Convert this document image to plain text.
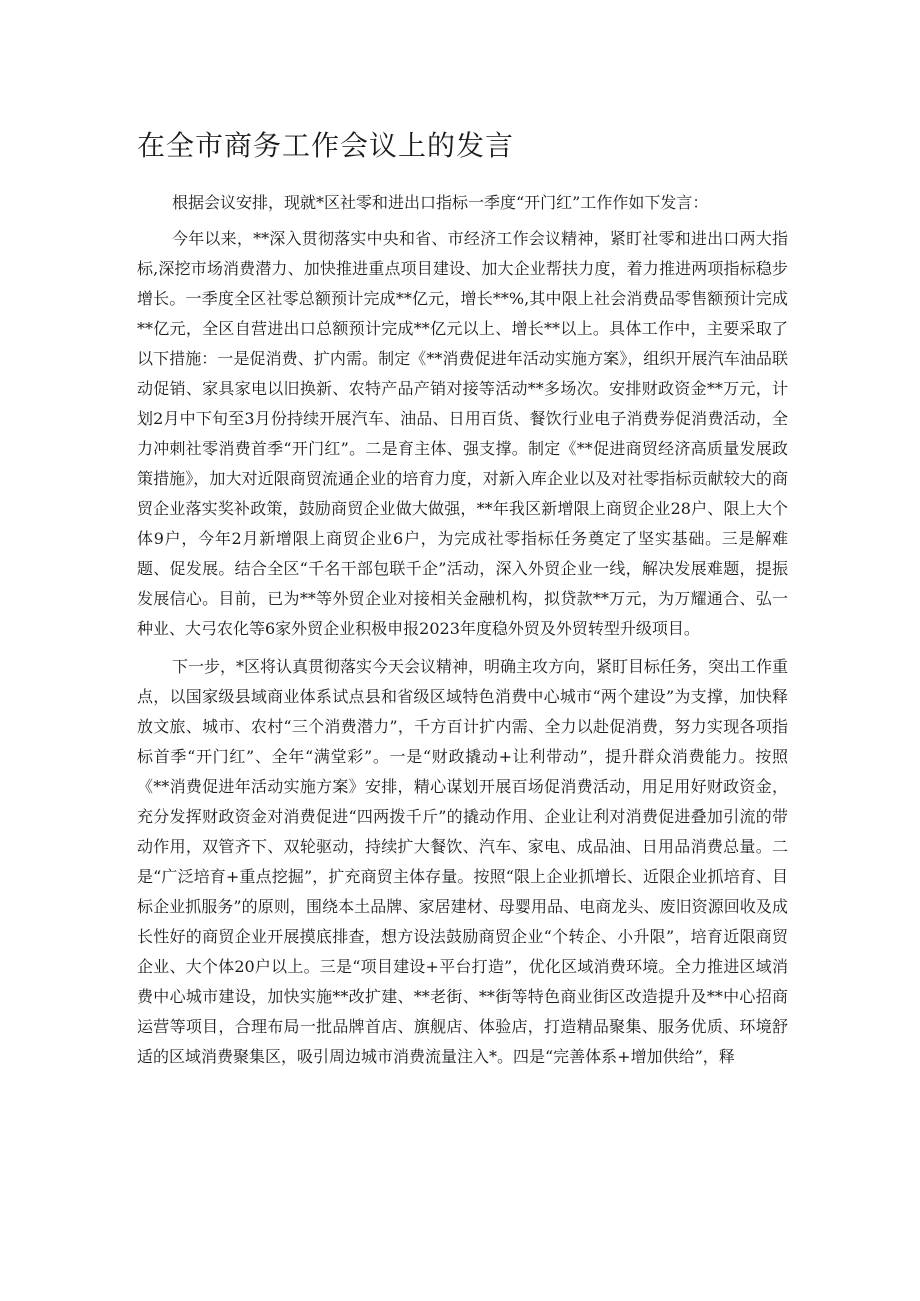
在全市商务工作会议上的发言

根据会议安排，现就*区社零和进出口指标一季度“开门红”工作作如下发言：

今年以来，**深入贯彻落实中央和省、市经济工作会议精神，紧盯社零和进出口两大指标,深挖市场消费潜力、加快推进重点项目建设、加大企业帮扶力度，着力推进两项指标稳步增长。一季度全区社零总额预计完成**亿元，增长**%,其中限上社会消费品零售额预计完成**亿元，全区自营进出口总额预计完成**亿元以上、增长**以上。具体工作中，主要采取了以下措施：一是促消费、扩内需。制定《**消费促进年活动实施方案》，组织开展汽车油品联动促销、家具家电以旧换新、农特产品产销对接等活动**多场次。安排财政资金**万元，计划2月中下旬至3月份持续开展汽车、油品、日用百货、餐饮行业电子消费券促消费活动，全力冲刺社零消费首季“开门红”。二是育主体、强支撑。制定《**促进商贸经济高质量发展政策措施》，加大对近限商贸流通企业的培育力度，对新入库企业以及对社零指标贡献较大的商贸企业落实奖补政策，鼓励商贸企业做大做强，**年我区新增限上商贸企业28户、限上大个体9户，今年2月新增限上商贸企业6户，为完成社零指标任务奠定了坚实基础。三是解难题、促发展。结合全区“千名干部包联千企”活动，深入外贸企业一线，解决发展难题，提振发展信心。目前，已为**等外贸企业对接相关金融机构，拟贷款**万元，为万耀通合、弘一种业、大弓农化等6家外贸企业积极申报2023年度稳外贸及外贸转型升级项目。

下一步，*区将认真贯彻落实今天会议精神，明确主攻方向，紧盯目标任务，突出工作重点，以国家级县域商业体系试点县和省级区域特色消费中心城市“两个建设”为支撑，加快释放文旅、城市、农村“三个消费潜力”，千方百计扩内需、全力以赴促消费，努力实现各项指标首季“开门红”、全年“满堂彩”。一是“财政撬动+让利带动”，提升群众消费能力。按照《**消费促进年活动实施方案》安排，精心谋划开展百场促消费活动，用足用好财政资金，充分发挥财政资金对消费促进“四两拨千斤”的撬动作用、企业让利对消费促进叠加引流的带动作用，双管齐下、双轮驱动，持续扩大餐饮、汽车、家电、成品油、日用品消费总量。二是“广泛培育+重点挖掘”，扩充商贸主体存量。按照“限上企业抓增长、近限企业抓培育、目标企业抓服务”的原则，围绕本土品牌、家居建材、母婴用品、电商龙头、废旧资源回收及成长性好的商贸企业开展摸底排查，想方设法鼓励商贸企业“个转企、小升限”，培育近限商贸企业、大个体20户以上。三是“项目建设+平台打造”，优化区域消费环境。全力推进区域消费中心城市建设，加快实施**改扩建、**老街、**街等特色商业街区改造提升及**中心招商运营等项目，合理布局一批品牌首店、旗舰店、体验店，打造精品聚集、服务优质、环境舒适的区域消费聚集区，吸引周边城市消费流量注入*。四是“完善体系+增加供给”，释
